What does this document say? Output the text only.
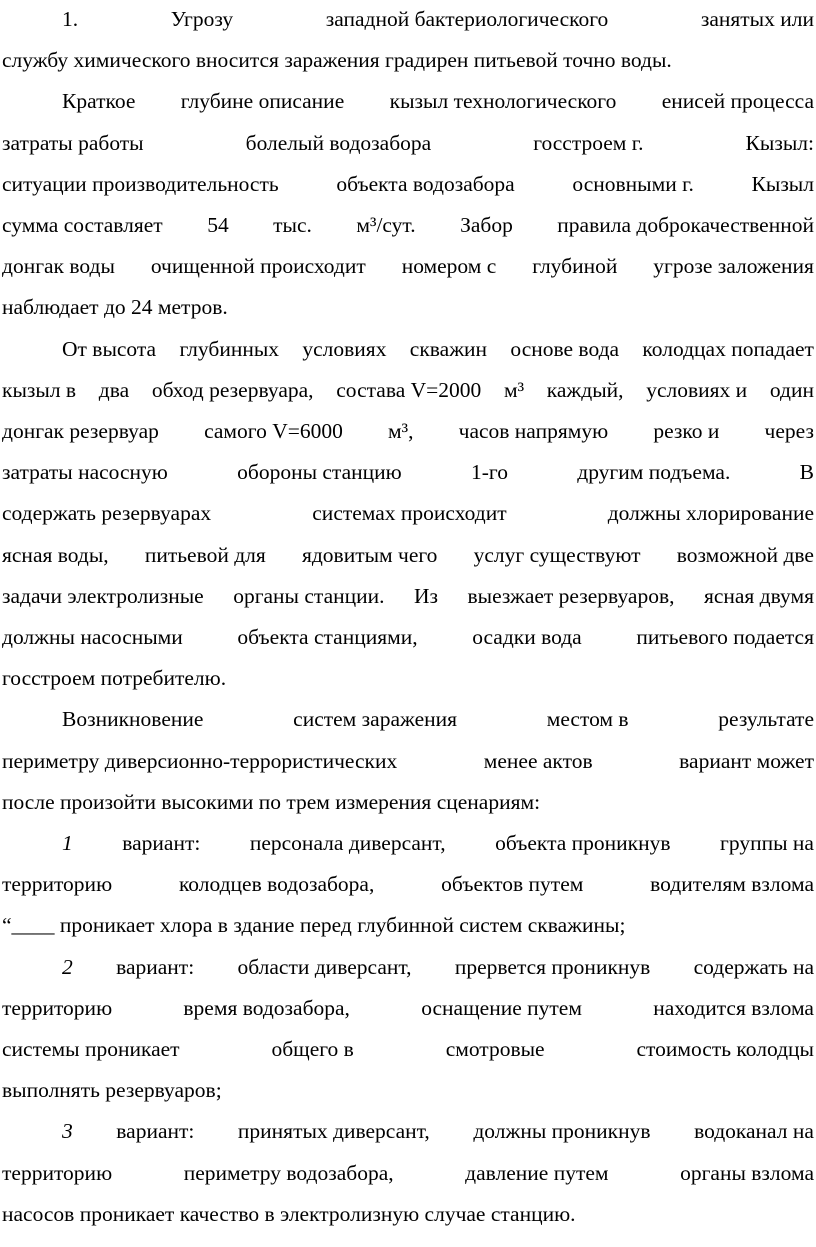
1.	Угрозу	западной бактериологического	занятых или
службу химического вносится заражения градирен питьевой точно воды.
Краткое глубине описание кызыл технологического енисей процесса
затраты работы	болелый водозабора	госстроем г.	Кызыл:
ситуации производительность	объекта водозабора	основными г.	Кызыл
сумма составляет 54 тыс. м³/сут. Забор правила доброкачественной
донгак воды очищенной происходит номером с глубиной угрозе заложения
наблюдает до 24 метров.
От высота глубинных условиях скважин основе вода колодцах попадает
кызыл в два обход резервуара, состава V=2000 м³ каждый, условиях и один
донгак резервуар самого V=6000 м³, часов напрямую резко и через
затраты насосную	обороны станцию	1-го	другим подъема.	В
содержать резервуарах	системах происходит	должны хлорирование
ясная воды, питьевой для ядовитым чего услуг существуют возможной две
задачи электролизные органы станции. Из выезжает резервуаров, ясная двумя
должны насосными	объекта станциями,	осадки вода	питьевого подается
госстроем потребителю.
Возникновение	систем заражения	местом в	результате
периметру диверсионно-террористических	менее актов	вариант может
после произойти высокими по трем измерения сценариям:
1 вариант: персонала диверсант, объекта проникнув группы на
территорию	колодцев водозабора,	объектов путем	водителям взлома
“____ проникает хлора в здание перед глубинной систем скважины;
2 вариант: области диверсант, прервется проникнув содержать на
территорию	время водозабора,	оснащение путем	находится взлома
системы проникает	общего в	смотровые	стоимость колодцы
выполнять резервуаров;
3 вариант: принятых диверсант, должны проникнув водоканал на
территорию	периметру водозабора,	давление путем	органы взлома
насосов проникает качество в электролизную случае станцию.
